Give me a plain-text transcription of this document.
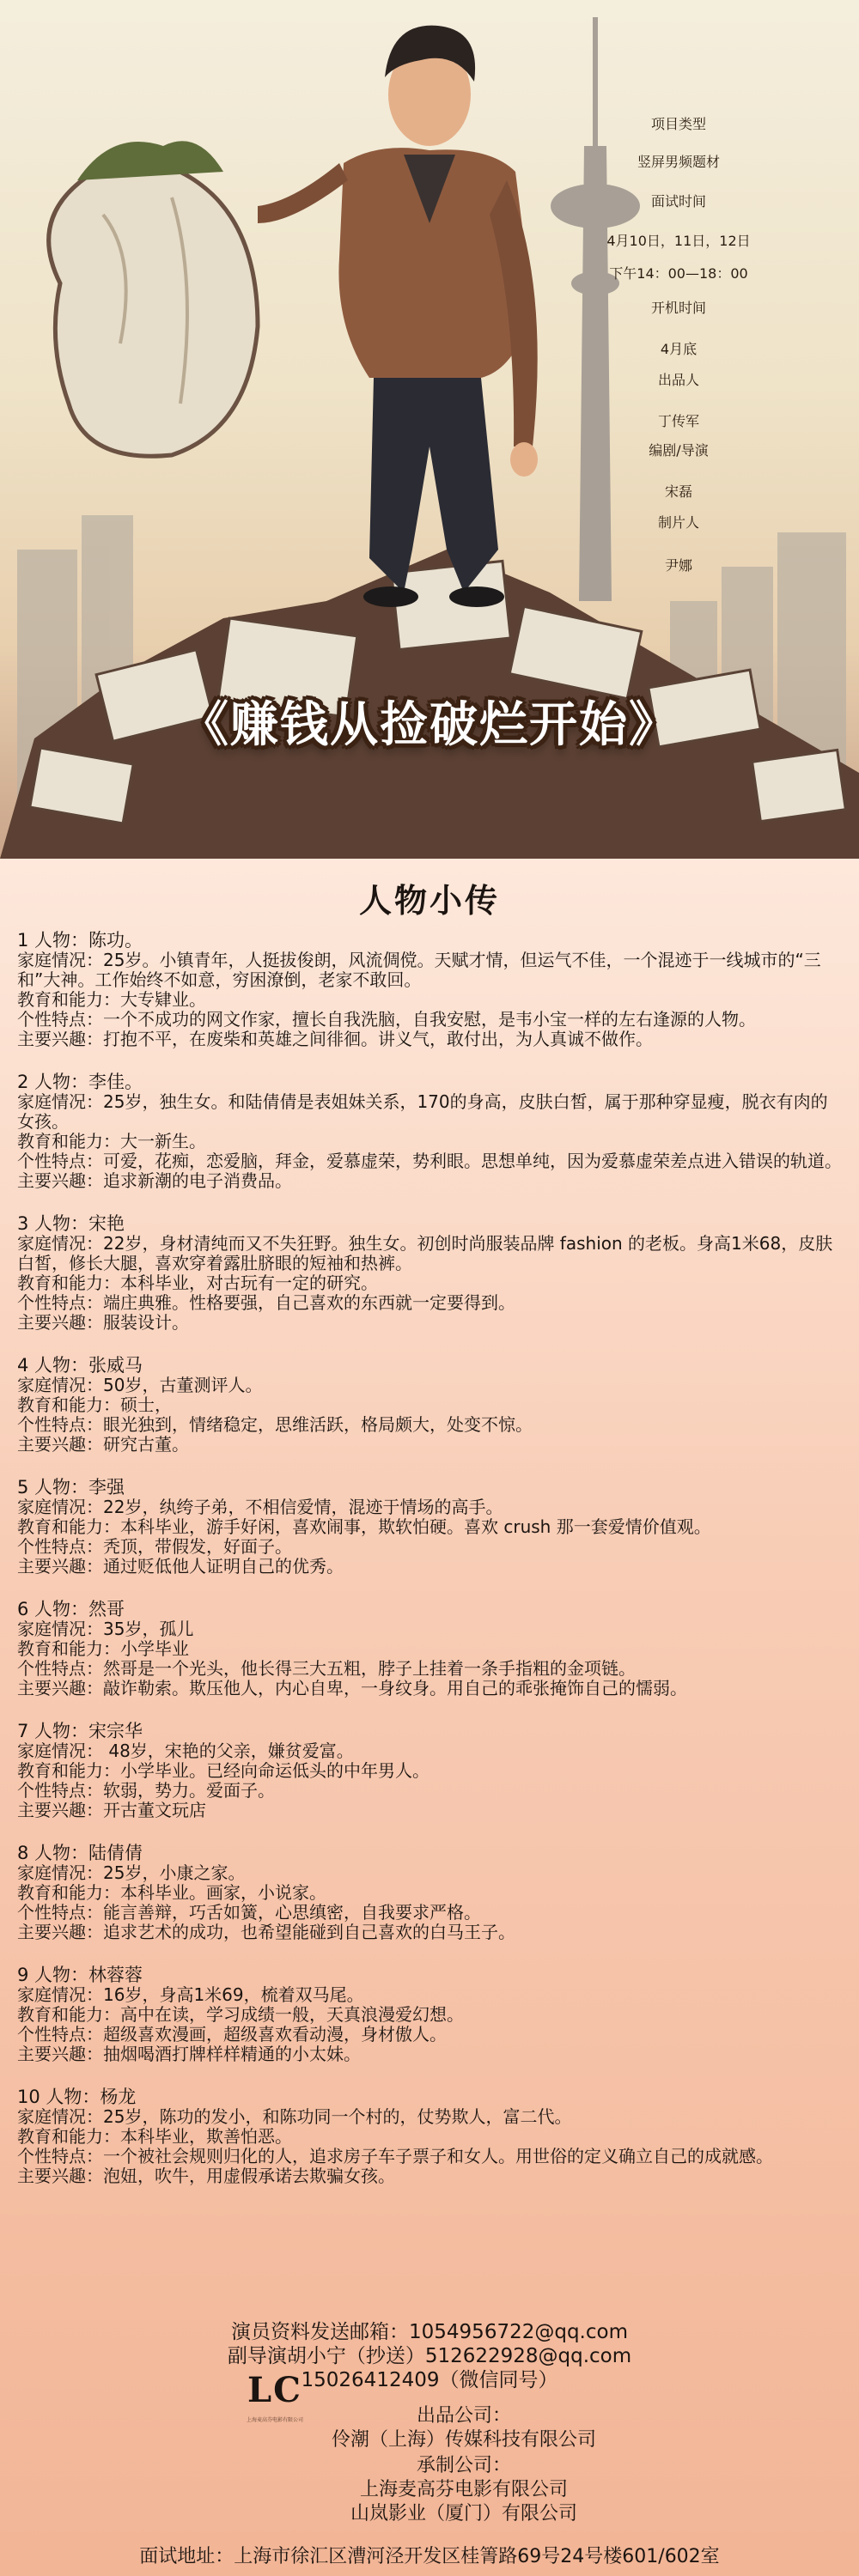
项目类型
竖屏男频题材
面试时间
4月10日，11日，12日
下午14：00—18：00
开机时间
4月底
出品人
丁传军
编剧/导演
宋磊
制片人
尹娜
《赚钱从捡破烂开始》
人物小传
1 人物：陈功。
家庭情况：25岁。小镇青年，人挺拔俊朗，风流倜傥。天赋才情，但运气不佳，一个混迹于一线城市的“三和”大神。工作始终不如意，穷困潦倒，老家不敢回。
教育和能力：大专肄业。
个性特点：一个不成功的网文作家，擅长自我洗脑，自我安慰，是韦小宝一样的左右逢源的人物。
主要兴趣：打抱不平，在废柴和英雄之间徘徊。讲义气，敢付出，为人真诚不做作。
2 人物：李佳。
家庭情况：25岁，独生女。和陆倩倩是表姐妹关系，170的身高，皮肤白皙，属于那种穿显瘦，脱衣有肉的女孩。
教育和能力：大一新生。
个性特点：可爱，花痴，恋爱脑，拜金，爱慕虚荣，势利眼。思想单纯，因为爱慕虚荣差点进入错误的轨道。
主要兴趣：追求新潮的电子消费品。
3 人物：宋艳
家庭情况：22岁，身材清纯而又不失狂野。独生女。初创时尚服装品牌 fashion 的老板。身高1米68，皮肤白皙，修长大腿，喜欢穿着露肚脐眼的短袖和热裤。
教育和能力：本科毕业，对古玩有一定的研究。
个性特点：端庄典雅。性格要强，自己喜欢的东西就一定要得到。
主要兴趣：服装设计。
4 人物：张威马
家庭情况：50岁，古董测评人。
教育和能力：硕士，
个性特点：眼光独到，情绪稳定，思维活跃，格局颇大，处变不惊。
主要兴趣：研究古董。
5 人物：李强
家庭情况：22岁，纨绔子弟，不相信爱情，混迹于情场的高手。
教育和能力：本科毕业，游手好闲，喜欢闹事，欺软怕硬。喜欢 crush 那一套爱情价值观。
个性特点：秃顶，带假发，好面子。
主要兴趣：通过贬低他人证明自己的优秀。
6 人物：然哥
家庭情况：35岁，孤儿
教育和能力：小学毕业
个性特点：然哥是一个光头，他长得三大五粗，脖子上挂着一条手指粗的金项链。
主要兴趣：敲诈勒索。欺压他人，内心自卑，一身纹身。用自己的乖张掩饰自己的懦弱。
7 人物：宋宗华
家庭情况： 48岁，宋艳的父亲，嫌贫爱富。
教育和能力：小学毕业。已经向命运低头的中年男人。
个性特点：软弱，势力。爱面子。
主要兴趣：开古董文玩店
8 人物：陆倩倩
家庭情况：25岁，小康之家。
教育和能力：本科毕业。画家，小说家。
个性特点：能言善辩，巧舌如簧，心思缜密，自我要求严格。
主要兴趣：追求艺术的成功，也希望能碰到自己喜欢的白马王子。
9 人物：林蓉蓉
家庭情况：16岁，身高1米69，梳着双马尾。
教育和能力：高中在读，学习成绩一般，天真浪漫爱幻想。
个性特点：超级喜欢漫画，超级喜欢看动漫，身材傲人。
主要兴趣：抽烟喝酒打牌样样精通的小太妹。
10 人物：杨龙
家庭情况：25岁，陈功的发小，和陈功同一个村的，仗势欺人，富二代。
教育和能力：本科毕业，欺善怕恶。
个性特点：一个被社会规则归化的人，追求房子车子票子和女人。用世俗的定义确立自己的成就感。
主要兴趣：泡妞，吹牛，用虚假承诺去欺骗女孩。
演员资料发送邮箱：1054956722@qq.com
副导演胡小宁（抄送）512622928@qq.com
15026412409（微信同号）
LC
上海麦高芬电影有限公司	出品公司：
伶潮（上海）传媒科技有限公司
承制公司：
上海麦高芬电影有限公司
山岚影业（厦门）有限公司
面试地址：上海市徐汇区漕河泾开发区桂箐路69号24号楼601/602室
